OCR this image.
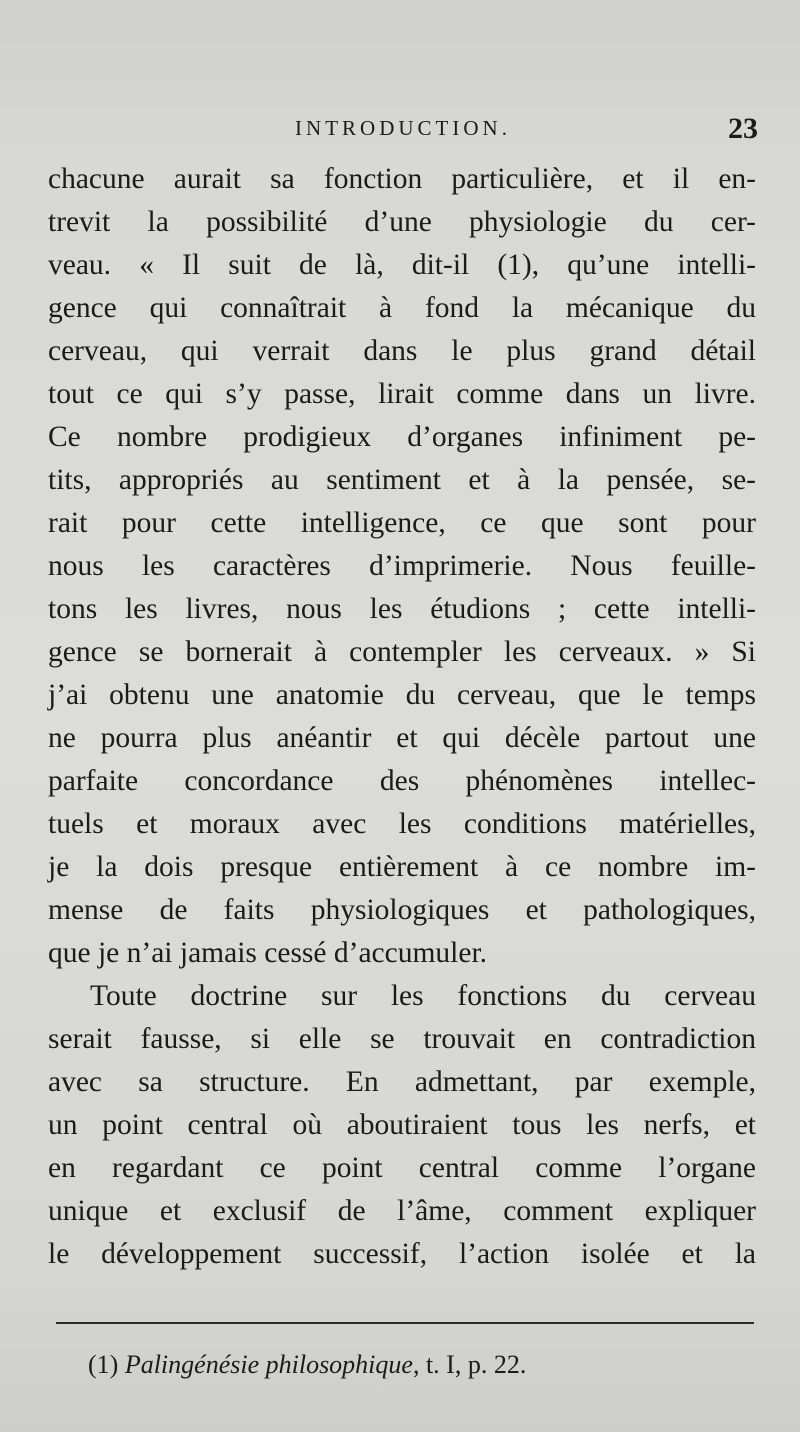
INTRODUCTION.	23
chacune aurait sa fonction particulière, et il en-
trevit la possibilité d’une physiologie du cer-
veau. « Il suit de là, dit-il (1), qu’une intelli-
gence qui connaîtrait à fond la mécanique du
cerveau, qui verrait dans le plus grand détail
tout ce qui s’y passe, lirait comme dans un livre.
Ce nombre prodigieux d’organes infiniment pe-
tits, appropriés au sentiment et à la pensée, se-
rait pour cette intelligence, ce que sont pour
nous les caractères d’imprimerie. Nous feuille-
tons les livres, nous les étudions ; cette intelli-
gence se bornerait à contempler les cerveaux. » Si
j’ai obtenu une anatomie du cerveau, que le temps
ne pourra plus anéantir et qui décèle partout une
parfaite concordance des phénomènes intellec-
tuels et moraux avec les conditions matérielles,
je la dois presque entièrement à ce nombre im-
mense de faits physiologiques et pathologiques,
que je n’ai jamais cessé d’accumuler.
Toute doctrine sur les fonctions du cerveau
serait fausse, si elle se trouvait en contradiction
avec sa structure. En admettant, par exemple,
un point central où aboutiraient tous les nerfs, et
en regardant ce point central comme l’organe
unique et exclusif de l’âme, comment expliquer
le développement successif, l’action isolée et la
(1) Palingénésie philosophique, t. I, p. 22.
